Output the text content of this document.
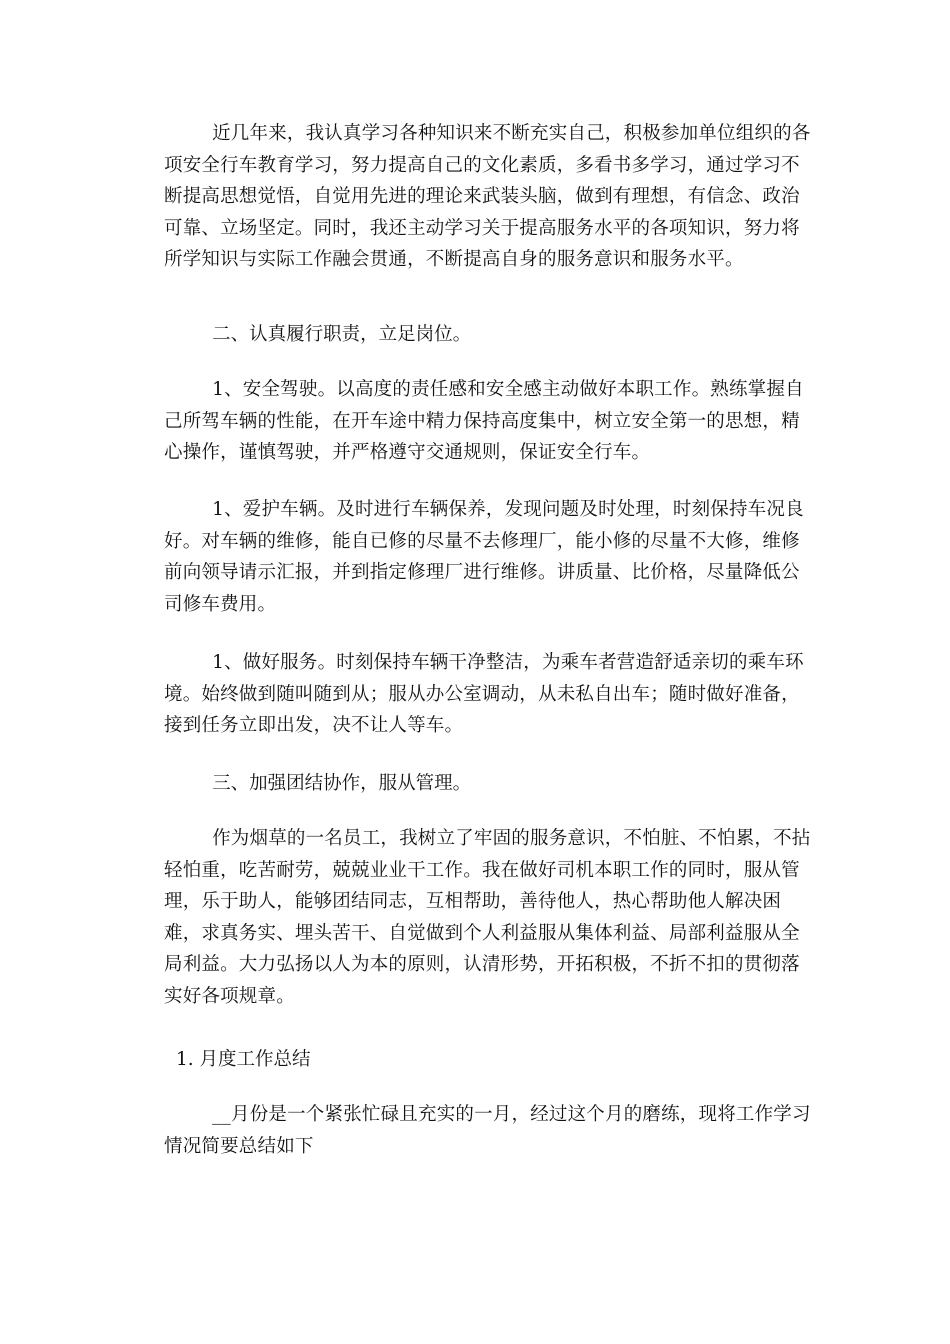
近几年来，我认真学习各种知识来不断充实自己，积极参加单位组织的各项安全行车教育学习，努力提高自己的文化素质，多看书多学习，通过学习不断提高思想觉悟，自觉用先进的理论来武装头脑，做到有理想，有信念、政治可靠、立场坚定。同时，我还主动学习关于提高服务水平的各项知识，努力将所学知识与实际工作融会贯通，不断提高自身的服务意识和服务水平。

二、认真履行职责，立足岗位。

1、安全驾驶。以高度的责任感和安全感主动做好本职工作。熟练掌握自己所驾车辆的性能，在开车途中精力保持高度集中，树立安全第一的思想，精心操作，谨慎驾驶，并严格遵守交通规则，保证安全行车。

1、爱护车辆。及时进行车辆保养，发现问题及时处理，时刻保持车况良好。对车辆的维修，能自已修的尽量不去修理厂，能小修的尽量不大修，维修前向领导请示汇报，并到指定修理厂进行维修。讲质量、比价格，尽量降低公司修车费用。

1、做好服务。时刻保持车辆干净整洁，为乘车者营造舒适亲切的乘车环境。始终做到随叫随到从；服从办公室调动，从未私自出车；随时做好准备，接到任务立即出发，决不让人等车。

三、加强团结协作，服从管理。

作为烟草的一名员工，我树立了牢固的服务意识，不怕脏、不怕累，不拈轻怕重，吃苦耐劳，兢兢业业干工作。我在做好司机本职工作的同时，服从管理，乐于助人，能够团结同志，互相帮助，善待他人，热心帮助他人解决困难，求真务实、埋头苦干、自觉做到个人利益服从集体利益、局部利益服从全局利益。大力弘扬以人为本的原则，认清形势，开拓积极，不折不扣的贯彻落实好各项规章。

1. 月度工作总结

__月份是一个紧张忙碌且充实的一月，经过这个月的磨练，现将工作学习情况简要总结如下
